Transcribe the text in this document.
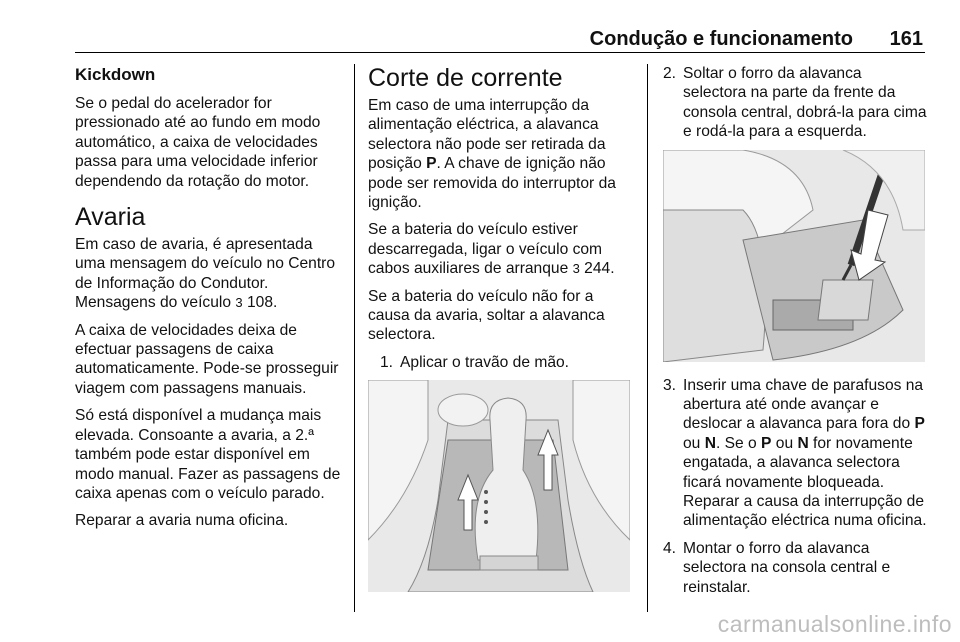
Condução e funcionamento 161
Kickdown

Se o pedal do acelerador for pressionado até ao fundo em modo automático, a caixa de velocidades passa para uma velocidade inferior dependendo da rotação do motor.

Avaria

Em caso de avaria, é apresentada uma mensagem do veículo no Centro de Informação do Condutor. Mensagens do veículo 3 108.

A caixa de velocidades deixa de efectuar passagens de caixa automaticamente. Pode-se prosseguir viagem com passagens manuais.

Só está disponível a mudança mais elevada. Consoante a avaria, a 2.ª também pode estar disponível em modo manual. Fazer as passagens de caixa apenas com o veículo parado.

Reparar a avaria numa oficina.

Corte de corrente

Em caso de uma interrupção da alimentação eléctrica, a alavanca selectora não pode ser retirada da posição P. A chave de ignição não pode ser removida do interruptor da ignição.

Se a bateria do veículo estiver descarregada, ligar o veículo com cabos auxiliares de arranque 3 244.

Se a bateria do veículo não for a causa da avaria, soltar a alavanca selectora.

1. Aplicar o travão de mão.
2. Soltar o forro da alavanca selectora na parte da frente da consola central, dobrá-la para cima e rodá-la para a esquerda.
3. Inserir uma chave de parafusos na abertura até onde avançar e deslocar a alavanca para fora do P ou N. Se o P ou N for novamente engatada, a alavanca selectora ficará novamente bloqueada. Reparar a causa da interrupção de alimentação eléctrica numa oficina.
4. Montar o forro da alavanca selectora na consola central e reinstalar.
carmanualsonline.info
